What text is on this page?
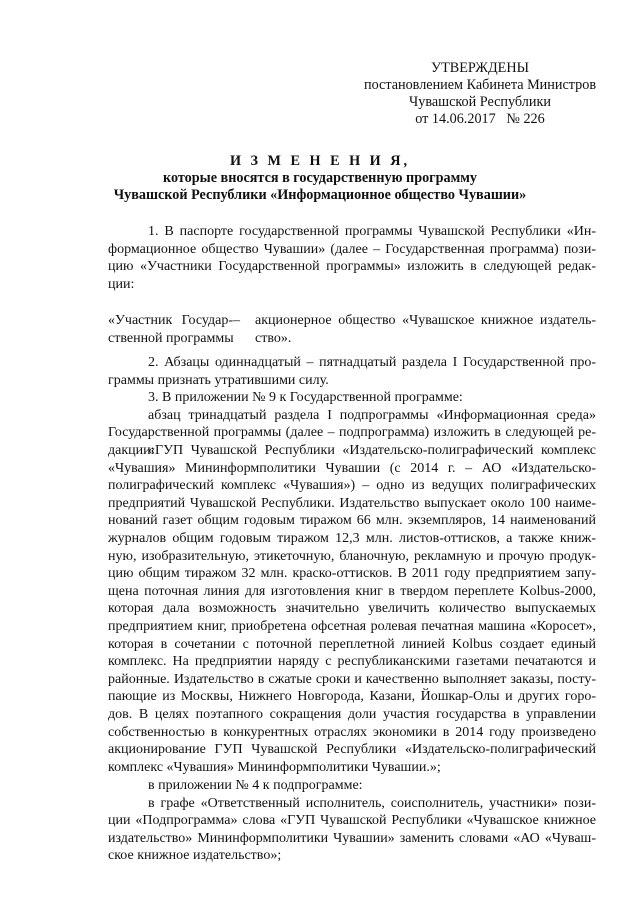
УТВЕРЖДЕНЫ
постановлением Кабинета Министров
Чувашской Республики
от 14.06.2017 № 226
И З М Е Н Е Н И Я,
которые вносятся в государственную программу
Чувашской Республики «Информационное общество Чувашии»
1. В паспорте государственной программы Чувашской Республики «Ин-
формационное общество Чувашии» (далее – Государственная программа) пози-
цию «Участники Государственной программы» изложить в следующей редак-
ции:
«Участник Государ-
ственной программы
–	акционерное общество «Чувашское книжное издатель-
ство».
2. Абзацы одиннадцатый – пятнадцатый раздела I Государственной про-
граммы признать утратившими силу.
3. В приложении № 9 к Государственной программе:
абзац тринадцатый раздела I подпрограммы «Информационная среда»
Государственной программы (далее – подпрограмма) изложить в следующей ре-
дакции:
«ГУП Чувашской Республики «Издательско-полиграфический комплекс
«Чувашия» Мининформполитики Чувашии (с 2014 г. – АО «Издательско-
полиграфический комплекс «Чувашия») – одно из ведущих полиграфических
предприятий Чувашской Республики. Издательство выпускает около 100 наиме-
нований газет общим годовым тиражом 66 млн. экземпляров, 14 наименований
журналов общим годовым тиражом 12,3 млн. листов-оттисков, а также книж-
ную, изобразительную, этикеточную, бланочную, рекламную и прочую продук-
цию общим тиражом 32 млн. краско-оттисков. В 2011 году предприятием запу-
щена поточная линия для изготовления книг в твердом переплете Kolbus-2000,
которая дала возможность значительно увеличить количество выпускаемых
предприятием книг, приобретена офсетная ролевая печатная машина «Коросет»,
которая в сочетании с поточной переплетной линией Kolbus создает единый
комплекс. На предприятии наряду с республиканскими газетами печатаются и
районные. Издательство в сжатые сроки и качественно выполняет заказы, посту-
пающие из Москвы, Нижнего Новгорода, Казани, Йошкар-Олы и других горо-
дов. В целях поэтапного сокращения доли участия государства в управлении
собственностью в конкурентных отраслях экономики в 2014 году произведено
акционирование ГУП Чувашской Республики «Издательско-полиграфический
комплекс «Чувашия» Мининформполитики Чувашии.»;
в приложении № 4 к подпрограмме:
в графе «Ответственный исполнитель, соисполнитель, участники» пози-
ции «Подпрограмма» слова «ГУП Чувашской Республики «Чувашское книжное
издательство» Мининформполитики Чувашии» заменить словами «АО «Чуваш-
ское книжное издательство»;
